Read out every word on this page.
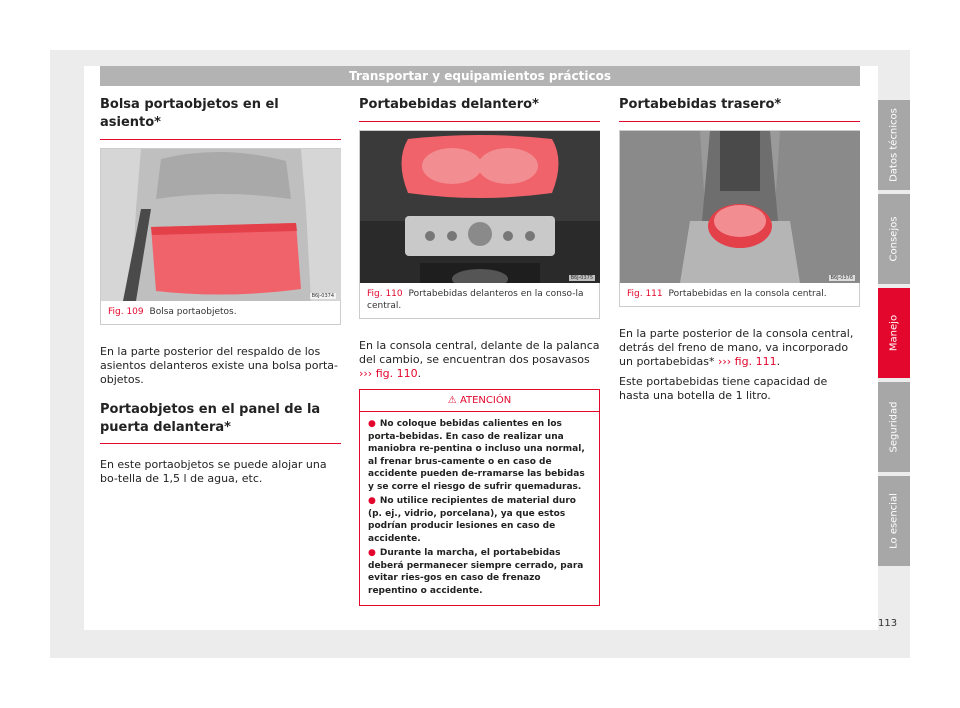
Transportar y equipamientos prácticos
Bolsa portaobjetos en el asiento*
B6J-0374
Fig. 109 Bolsa portaobjetos.

En la parte posterior del respaldo de los asientos delanteros existe una bolsa porta-objetos.

Portaobjetos en el panel de la puerta delantera*

En este portaobjetos se puede alojar una bo-tella de 1,5 l de agua, etc.

Portabebidas delantero*
B6J-0375
Fig. 110 Portabebidas delanteros en la conso-la central.

En la consola central, delante de la palanca del cambio, se encuentran dos posavasos ››› fig. 110.

⚠ ATENCIÓN
● No coloque bebidas calientes en los porta-bebidas. En caso de realizar una maniobra re-pentina o incluso una normal, al frenar brus-camente o en caso de accidente pueden de-rramarse las bebidas y se corre el riesgo de sufrir quemaduras.
● No utilice recipientes de material duro (p. ej., vidrio, porcelana), ya que estos podrían producir lesiones en caso de accidente.
● Durante la marcha, el portabebidas deberá permanecer siempre cerrado, para evitar ries-gos en caso de frenazo repentino o accidente.
Portabebidas trasero*
B6J-0376
Fig. 111 Portabebidas en la consola central.

En la parte posterior de la consola central, detrás del freno de mano, va incorporado un portabebidas* ››› fig. 111.

Este portabebidas tiene capacidad de hasta una botella de 1 litro.

Datos técnicos
Consejos
Manejo
Seguridad
Lo esencial
113
